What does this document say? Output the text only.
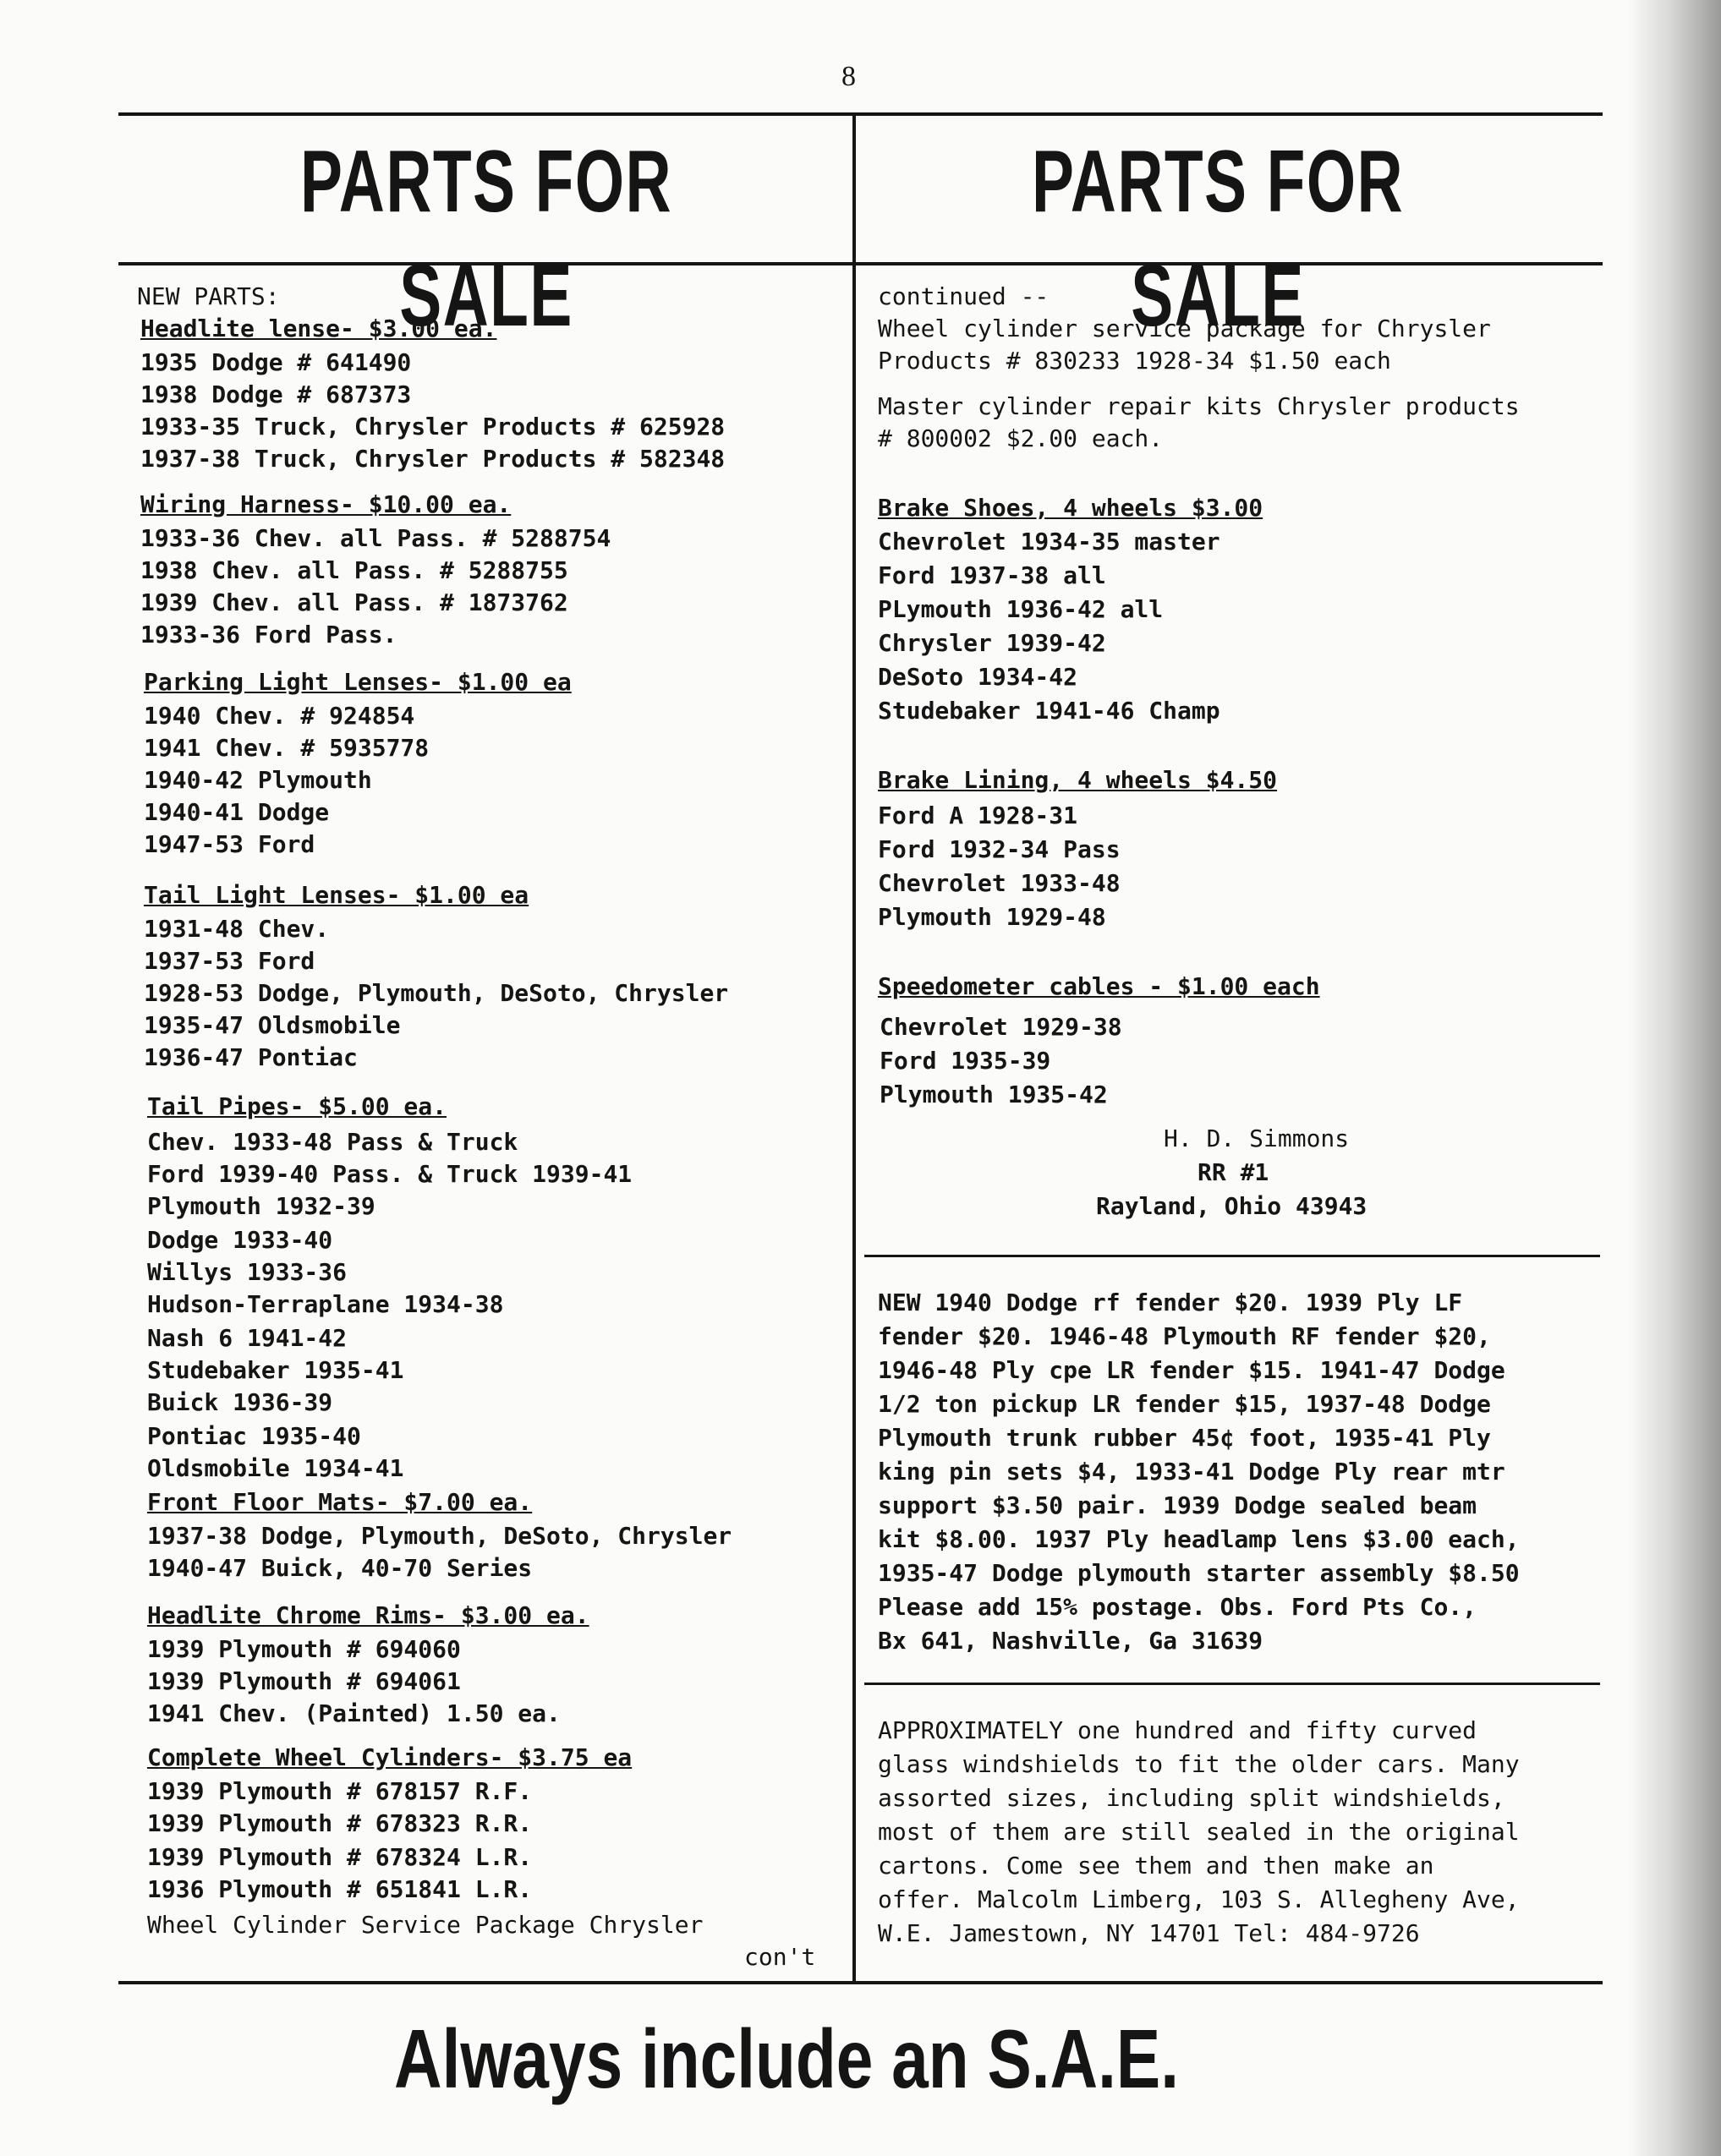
8
PARTS FOR SALE
PARTS FOR SALE
NEW PARTS:
Headlite lense- $3.00 ea.
1935 Dodge # 641490
1938 Dodge # 687373
1933-35 Truck, Chrysler Products # 625928
1937-38 Truck, Chrysler Products # 582348
Wiring Harness- $10.00 ea.
1933-36 Chev. all Pass. # 5288754
1938 Chev. all Pass. # 5288755
1939 Chev. all Pass. # 1873762
1933-36 Ford Pass.
Parking Light Lenses- $1.00 ea
1940 Chev. # 924854
1941 Chev. # 5935778
1940-42 Plymouth
1940-41 Dodge
1947-53 Ford
Tail Light Lenses- $1.00 ea
1931-48 Chev.
1937-53 Ford
1928-53 Dodge, Plymouth, DeSoto, Chrysler
1935-47 Oldsmobile
1936-47 Pontiac
Tail Pipes- $5.00 ea.
Chev. 1933-48 Pass & Truck
Ford 1939-40 Pass. & Truck 1939-41
Plymouth 1932-39
Dodge 1933-40
Willys 1933-36
Hudson-Terraplane 1934-38
Nash 6 1941-42
Studebaker 1935-41
Buick 1936-39
Pontiac 1935-40
Oldsmobile 1934-41
Front Floor Mats- $7.00 ea.
1937-38 Dodge, Plymouth, DeSoto, Chrysler
1940-47 Buick, 40-70 Series
Headlite Chrome Rims- $3.00 ea.
1939 Plymouth # 694060
1939 Plymouth # 694061
1941 Chev. (Painted) 1.50 ea.
Complete Wheel Cylinders- $3.75 ea
1939 Plymouth # 678157 R.F.
1939 Plymouth # 678323 R.R.
1939 Plymouth # 678324 L.R.
1936 Plymouth # 651841 L.R.
Wheel Cylinder Service Package Chrysler
con't
continued --
Wheel cylinder service package for Chrysler
Products # 830233 1928-34 $1.50 each
Master cylinder repair kits Chrysler products
# 800002 $2.00 each.
Brake Shoes, 4 wheels $3.00
Chevrolet 1934-35 master
Ford 1937-38 all
PLymouth 1936-42 all
Chrysler 1939-42
DeSoto 1934-42
Studebaker 1941-46 Champ
Brake Lining, 4 wheels $4.50
Ford A 1928-31
Ford 1932-34 Pass
Chevrolet 1933-48
Plymouth 1929-48
Speedometer cables - $1.00 each
Chevrolet 1929-38
Ford 1935-39
Plymouth 1935-42
H. D. Simmons
RR #1
Rayland, Ohio 43943
NEW 1940 Dodge rf fender $20. 1939 Ply LF
fender $20. 1946-48 Plymouth RF fender $20,
1946-48 Ply cpe LR fender $15. 1941-47 Dodge
1/2 ton pickup LR fender $15, 1937-48 Dodge
Plymouth trunk rubber 45¢ foot, 1935-41 Ply
king pin sets $4, 1933-41 Dodge Ply rear mtr
support $3.50 pair. 1939 Dodge sealed beam
kit $8.00. 1937 Ply headlamp lens $3.00 each,
1935-47 Dodge plymouth starter assembly $8.50
Please add 15% postage. Obs. Ford Pts Co.,
Bx 641, Nashville, Ga 31639
APPROXIMATELY one hundred and fifty curved
glass windshields to fit the older cars. Many
assorted sizes, including split windshields,
most of them are still sealed in the original
cartons. Come see them and then make an
offer. Malcolm Limberg, 103 S. Allegheny Ave,
W.E. Jamestown, NY 14701 Tel: 484-9726
Always include an S.A.E.
